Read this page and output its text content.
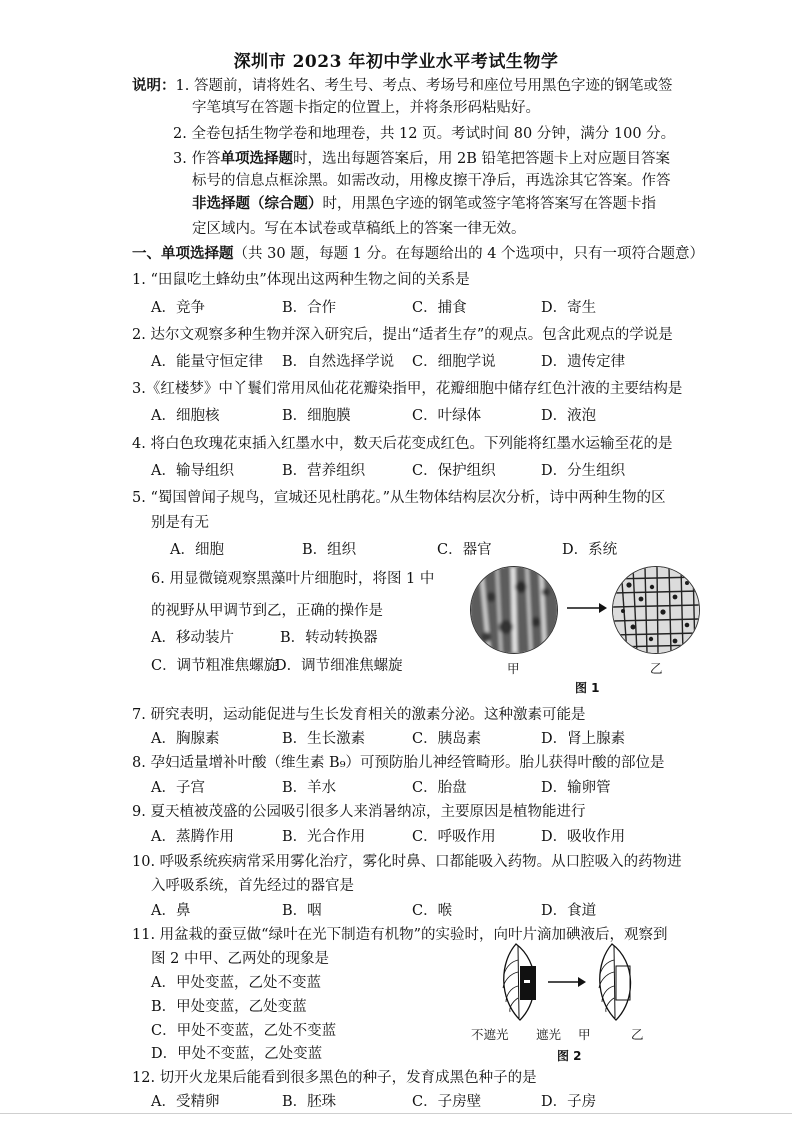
深圳市 2023 年初中学业水平考试生物学
说明：1. 答题前，请将姓名、考生号、考点、考场号和座位号用黑色字迹的钢笔或签
字笔填写在答题卡指定的位置上，并将条形码粘贴好。
2. 全卷包括生物学卷和地理卷，共 12 页。考试时间 80 分钟，满分 100 分。
3. 作答单项选择题时，选出每题答案后，用 2B 铅笔把答题卡上对应题目答案
标号的信息点框涂黑。如需改动，用橡皮擦干净后，再选涂其它答案。作答
非选择题（综合题）时，用黑色字迹的钢笔或签字笔将答案写在答题卡指
定区域内。写在本试卷或草稿纸上的答案一律无效。
一、单项选择题（共 30 题，每题 1 分。在每题给出的 4 个选项中，只有一项符合题意）
1. “田鼠吃土蜂幼虫”体现出这两种生物之间的关系是
A．竞争	B．合作	C．捕食	D．寄生
2. 达尔文观察多种生物并深入研究后，提出“适者生存”的观点。包含此观点的学说是
A．能量守恒定律 B．自然选择学说 C．细胞学说	D．遗传定律
3.《红楼梦》中丫鬟们常用凤仙花花瓣染指甲，花瓣细胞中储存红色汁液的主要结构是
A．细胞核	B．细胞膜	C．叶绿体	D．液泡
4. 将白色玫瑰花束插入红墨水中，数天后花变成红色。下列能将红墨水运输至花的是
A．输导组织	B．营养组织	C．保护组织	D．分生组织
5. “蜀国曾闻子规鸟，宣城还见杜鹃花。”从生物体结构层次分析，诗中两种生物的区
别是有无
A．细胞	B．组织	C．器官	D．系统
6. 用显微镜观察黑藻叶片细胞时，将图 1 中
的视野从甲调节到乙，正确的操作是
A．移动装片	B．转动转换器
C．调节粗准焦螺旋
D．调节细准焦螺旋	甲	乙
图 1
7. 研究表明，运动能促进与生长发育相关的激素分泌。这种激素可能是
A．胸腺素	B．生长激素	C．胰岛素	D．肾上腺素
8. 孕妇适量增补叶酸（维生素 B₉）可预防胎儿神经管畸形。胎儿获得叶酸的部位是
A．子宫	B．羊水	C．胎盘	D．输卵管
9. 夏天植被茂盛的公园吸引很多人来消暑纳凉，主要原因是植物能进行
A．蒸腾作用	B．光合作用	C．呼吸作用	D．吸收作用
10. 呼吸系统疾病常采用雾化治疗，雾化时鼻、口都能吸入药物。从口腔吸入的药物进
入呼吸系统，首先经过的器官是
A．鼻	B．咽	C．喉	D．食道
11. 用盆栽的蚕豆做“绿叶在光下制造有机物”的实验时，向叶片滴加碘液后，观察到
图 2 中甲、乙两处的现象是
A．甲处变蓝，乙处不变蓝
B．甲处变蓝，乙处变蓝
C．甲处不变蓝，乙处不变蓝
D．甲处不变蓝，乙处变蓝
不遮光 遮光 甲	乙
图 2
12. 切开火龙果后能看到很多黑色的种子，发育成黑色种子的是
A．受精卵	B．胚珠	C．子房壁	D．子房
